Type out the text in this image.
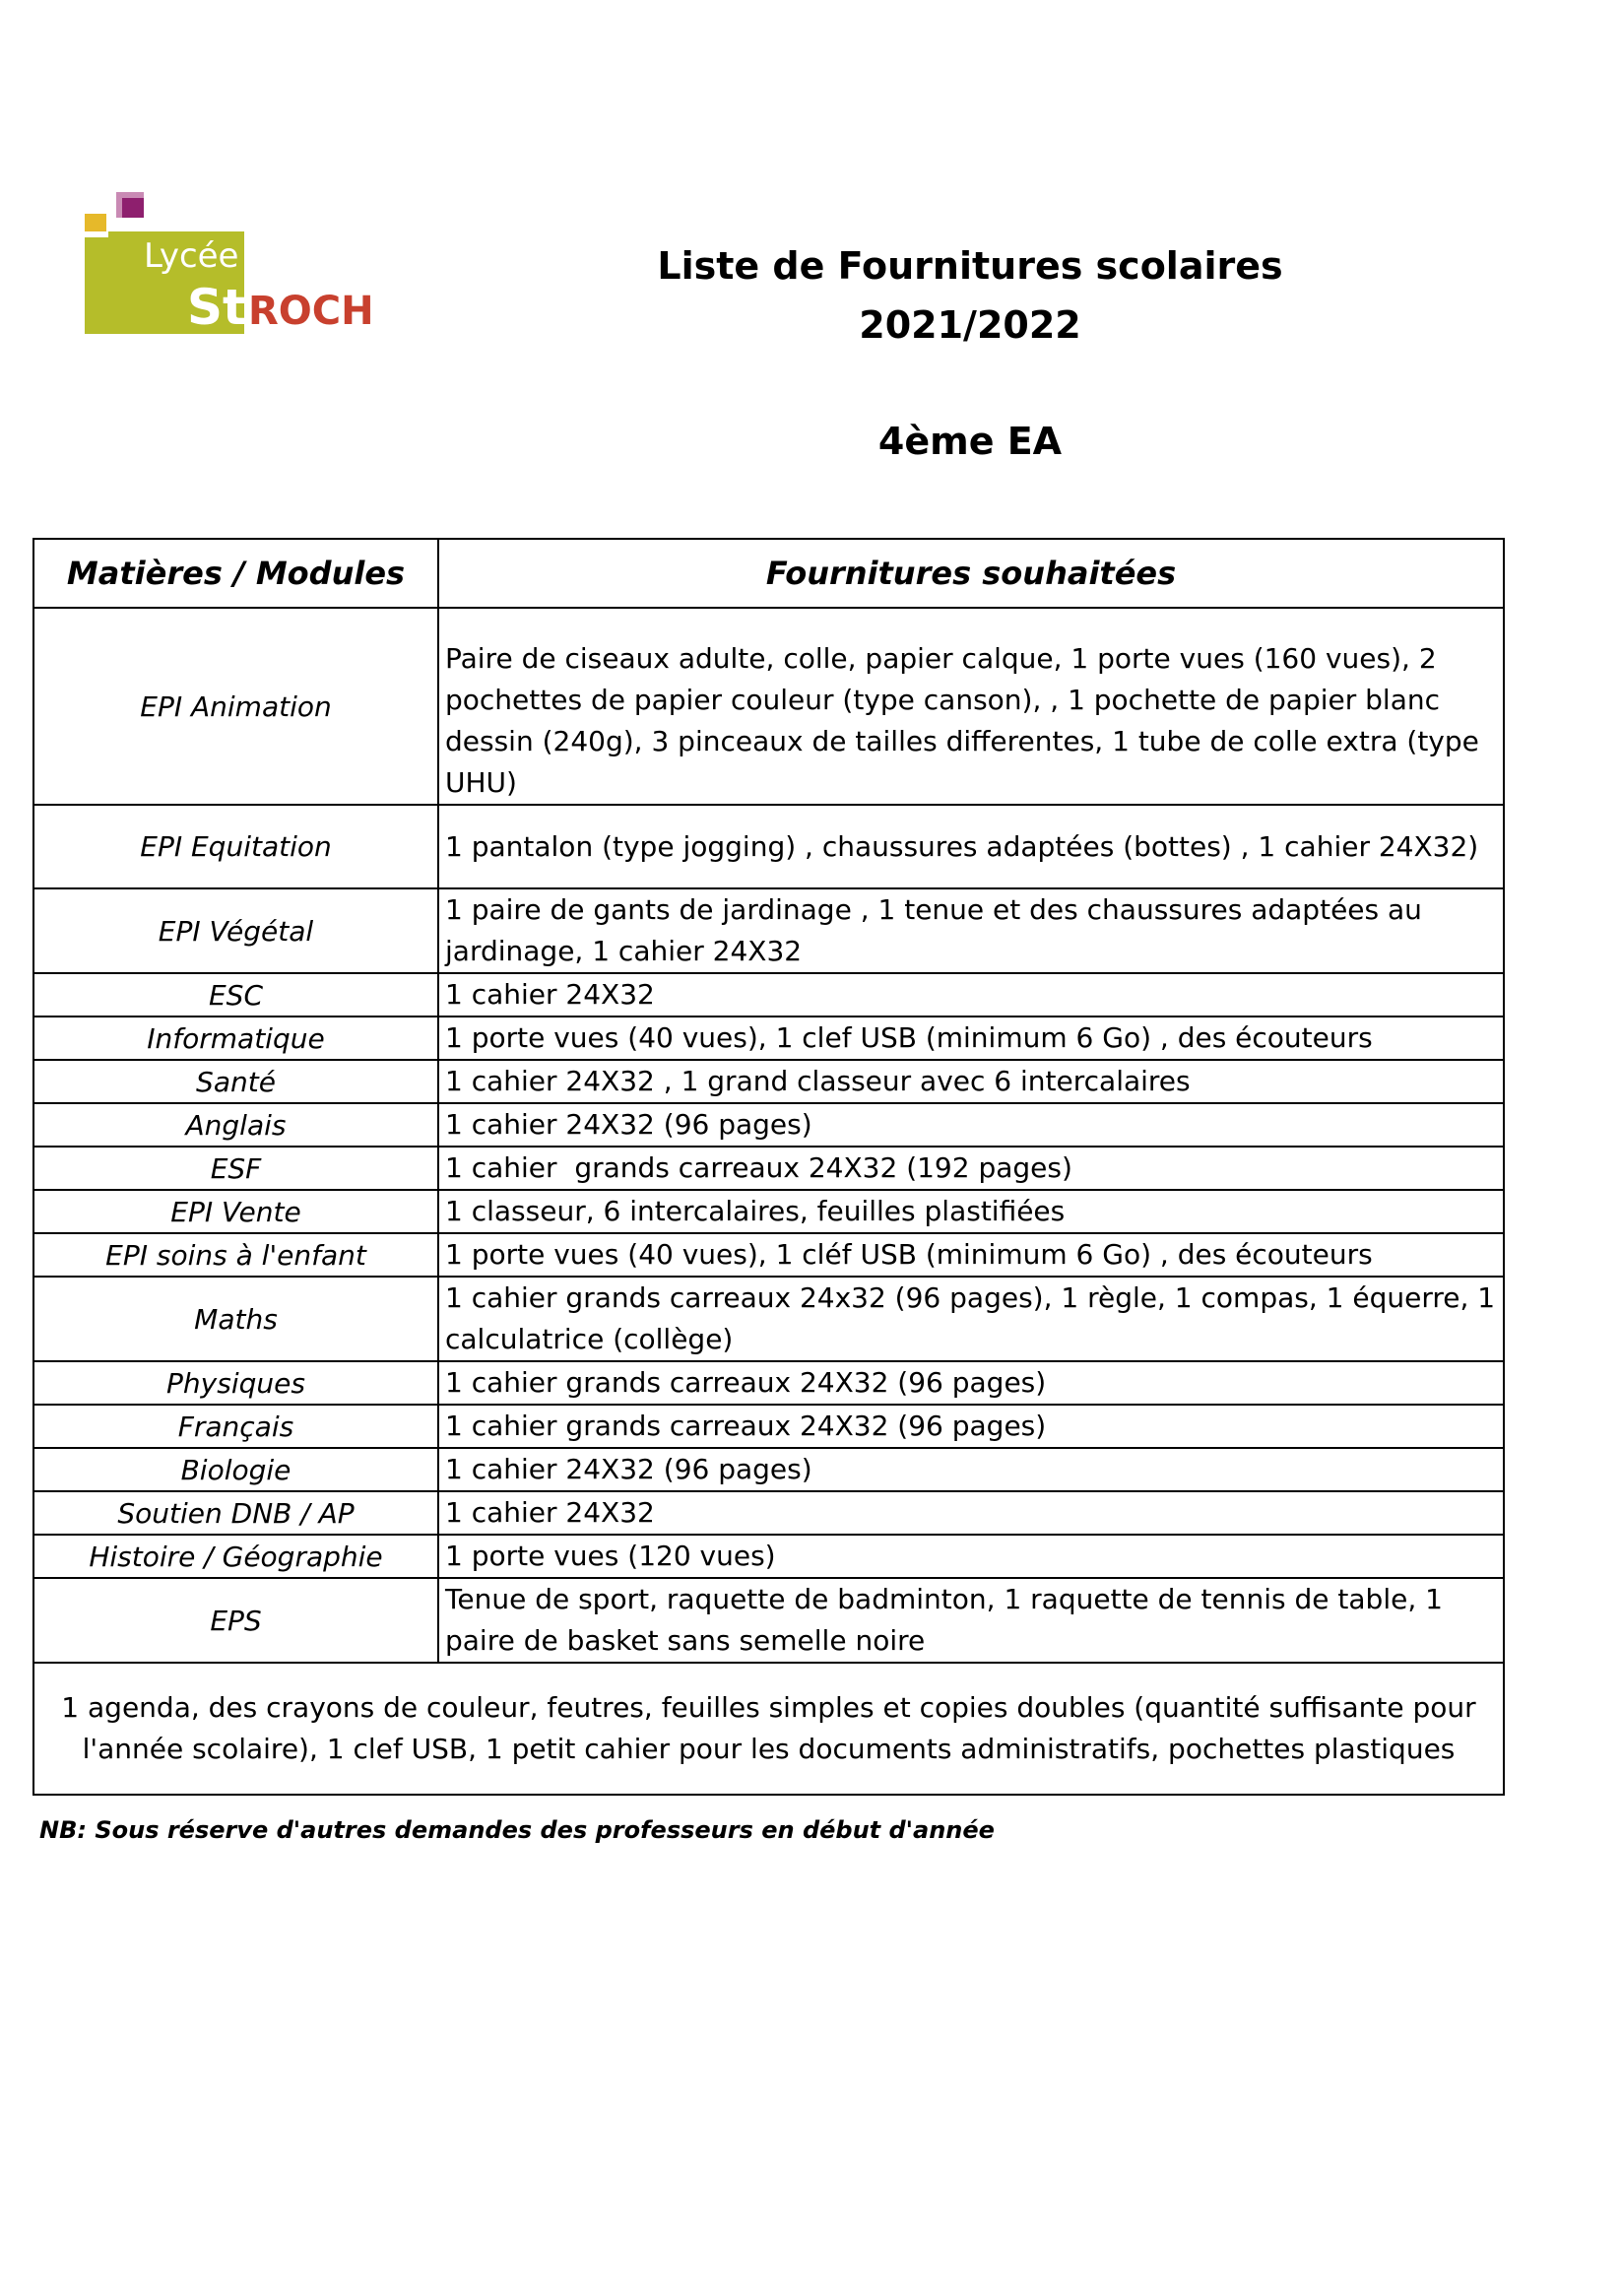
Lycée
St ROCH
Liste de Fournitures scolaires
2021/2022
4ème EA
Matières / Modules	Fournitures souhaitées
EPI Animation	Paire de ciseaux adulte, colle, papier calque, 1 porte vues (160 vues), 2 pochettes de papier couleur (type canson), , 1 pochette de papier blanc dessin (240g), 3 pinceaux de tailles differentes, 1 tube de colle extra (type UHU)
EPI Equitation	1 pantalon (type jogging) , chaussures adaptées (bottes) , 1 cahier 24X32)
EPI Végétal	1 paire de gants de jardinage , 1 tenue et des chaussures adaptées au jardinage, 1 cahier 24X32
ESC	1 cahier 24X32
Informatique	1 porte vues (40 vues), 1 clef USB (minimum 6 Go) , des écouteurs
Santé	1 cahier 24X32 , 1 grand classeur avec 6 intercalaires
Anglais	1 cahier 24X32 (96 pages)
ESF	1 cahier  grands carreaux 24X32 (192 pages)
EPI Vente	1 classeur, 6 intercalaires, feuilles plastifiées
EPI soins à l'enfant	1 porte vues (40 vues), 1 cléf USB (minimum 6 Go) , des écouteurs
Maths	1 cahier grands carreaux 24x32 (96 pages), 1 règle, 1 compas, 1 équerre, 1 calculatrice (collège)
Physiques	1 cahier grands carreaux 24X32 (96 pages)
Français	1 cahier grands carreaux 24X32 (96 pages)
Biologie	1 cahier 24X32 (96 pages)
Soutien DNB / AP	1 cahier 24X32
Histoire / Géographie	1 porte vues (120 vues)
EPS	Tenue de sport, raquette de badminton, 1 raquette de tennis de table, 1 paire de basket sans semelle noire
1 agenda, des crayons de couleur, feutres, feuilles simples et copies doubles (quantité suffisante pour l'année scolaire), 1 clef USB, 1 petit cahier pour les documents administratifs, pochettes plastiques	
NB: Sous réserve d'autres demandes des professeurs en début d'année
